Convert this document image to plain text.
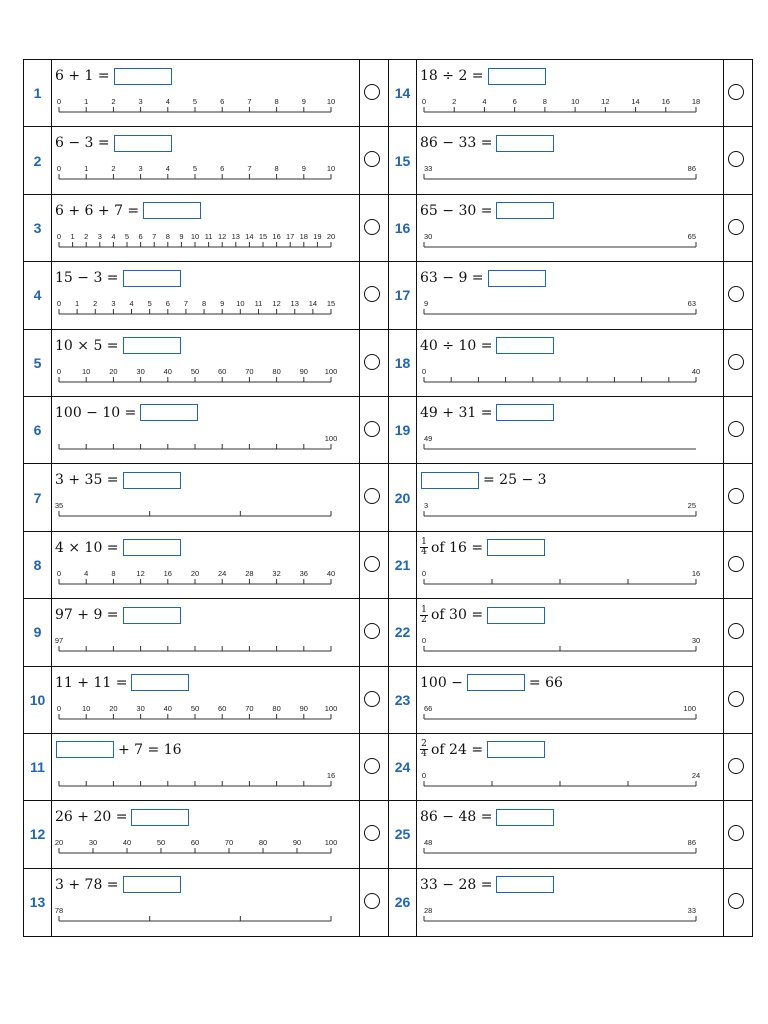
1
6 + 1 =
0	1	2	3	4	5	6	7	8	9	10
2
6 − 3 =
0	1	2	3	4	5	6	7	8	9	10
3
6 + 6 + 7 =
0 1 2 3 4 5 6 7 8 9 10 11 12 13 14 15 16 17 18 19 20
4
15 − 3 =
0 1 2 3 4 5 6 7 8 9 10 11 12 13 14 15
5
10 × 5 =
0	10	20	30	40	50	60	70	80	90 100
6
100 − 10 =
100
7
3 + 35 =
35
8
4 × 10 =
0	4	8	12	16	20	24	28	32	36	40
9
97 + 9 =
97
10
11 + 11 =
0	10	20	30	40	50	60	70	80	90 100
11
+ 7 = 16
16
12
26 + 20 =
20	30	40	50	60	70	80	90	100
13
3 + 78 =
78
14
18 ÷ 2 =
0	2	4	6	8	10	12	14	16	18
15
86 − 33 =
33	86
16
65 − 30 =
30	65
17
63 − 9 =
9	63
18
40 ÷ 10 =
0	40
19
49 + 31 =
49
20
= 25 − 3
3	25
21
$\frac{1}{4}$ of 16 =
0	16
22
$\frac{1}{2}$ of 30 =
0	30
23
100 −	= 66
66	100
24
$\frac{2}{4}$ of 24 =
0	24
25
86 − 48 =
48	86
26
33 − 28 =
28	33
